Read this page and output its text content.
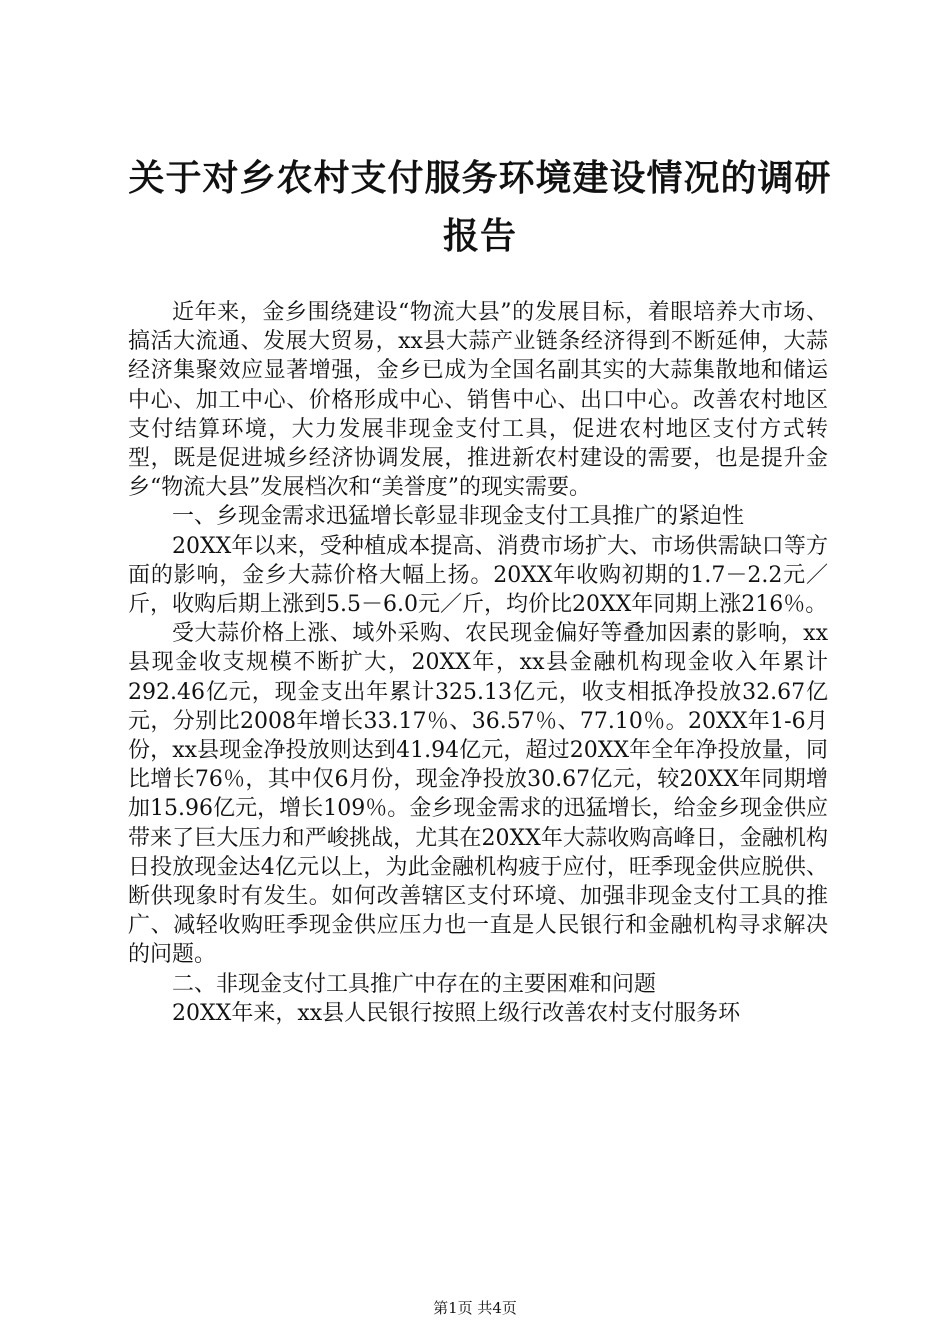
关于对乡农村支付服务环境建设情况的调研报告

近年来，金乡围绕建设“物流大县”的发展目标，着眼培养大市场、搞活大流通、发展大贸易，xx县大蒜产业链条经济得到不断延伸，大蒜经济集聚效应显著增强，金乡已成为全国名副其实的大蒜集散地和储运中心、加工中心、价格形成中心、销售中心、出口中心。改善农村地区支付结算环境，大力发展非现金支付工具，促进农村地区支付方式转型，既是促进城乡经济协调发展，推进新农村建设的需要，也是提升金乡“物流大县”发展档次和“美誉度”的现实需要。

一、乡现金需求迅猛增长彰显非现金支付工具推广的紧迫性

20XX年以来，受种植成本提高、消费市场扩大、市场供需缺口等方面的影响，金乡大蒜价格大幅上扬。20XX年收购初期的1.7－2.2元／斤，收购后期上涨到5.5－6.0元／斤，均价比20XX年同期上涨216％。

受大蒜价格上涨、域外采购、农民现金偏好等叠加因素的影响，xx县现金收支规模不断扩大，20XX年，xx县金融机构现金收入年累计292.46亿元，现金支出年累计325.13亿元，收支相抵净投放32.67亿元，分别比2008年增长33.17％、36.57％、77.10％。20XX年1-6月份，xx县现金净投放则达到41.94亿元，超过20XX年全年净投放量，同比增长76％，其中仅6月份，现金净投放30.67亿元，较20XX年同期增加15.96亿元，增长109％。金乡现金需求的迅猛增长，给金乡现金供应带来了巨大压力和严峻挑战，尤其在20XX年大蒜收购高峰日，金融机构日投放现金达4亿元以上，为此金融机构疲于应付，旺季现金供应脱供、断供现象时有发生。如何改善辖区支付环境、加强非现金支付工具的推广、减轻收购旺季现金供应压力也一直是人民银行和金融机构寻求解决的问题。

二、非现金支付工具推广中存在的主要困难和问题

20XX年来，xx县人民银行按照上级行改善农村支付服务环

第1页 共4页
